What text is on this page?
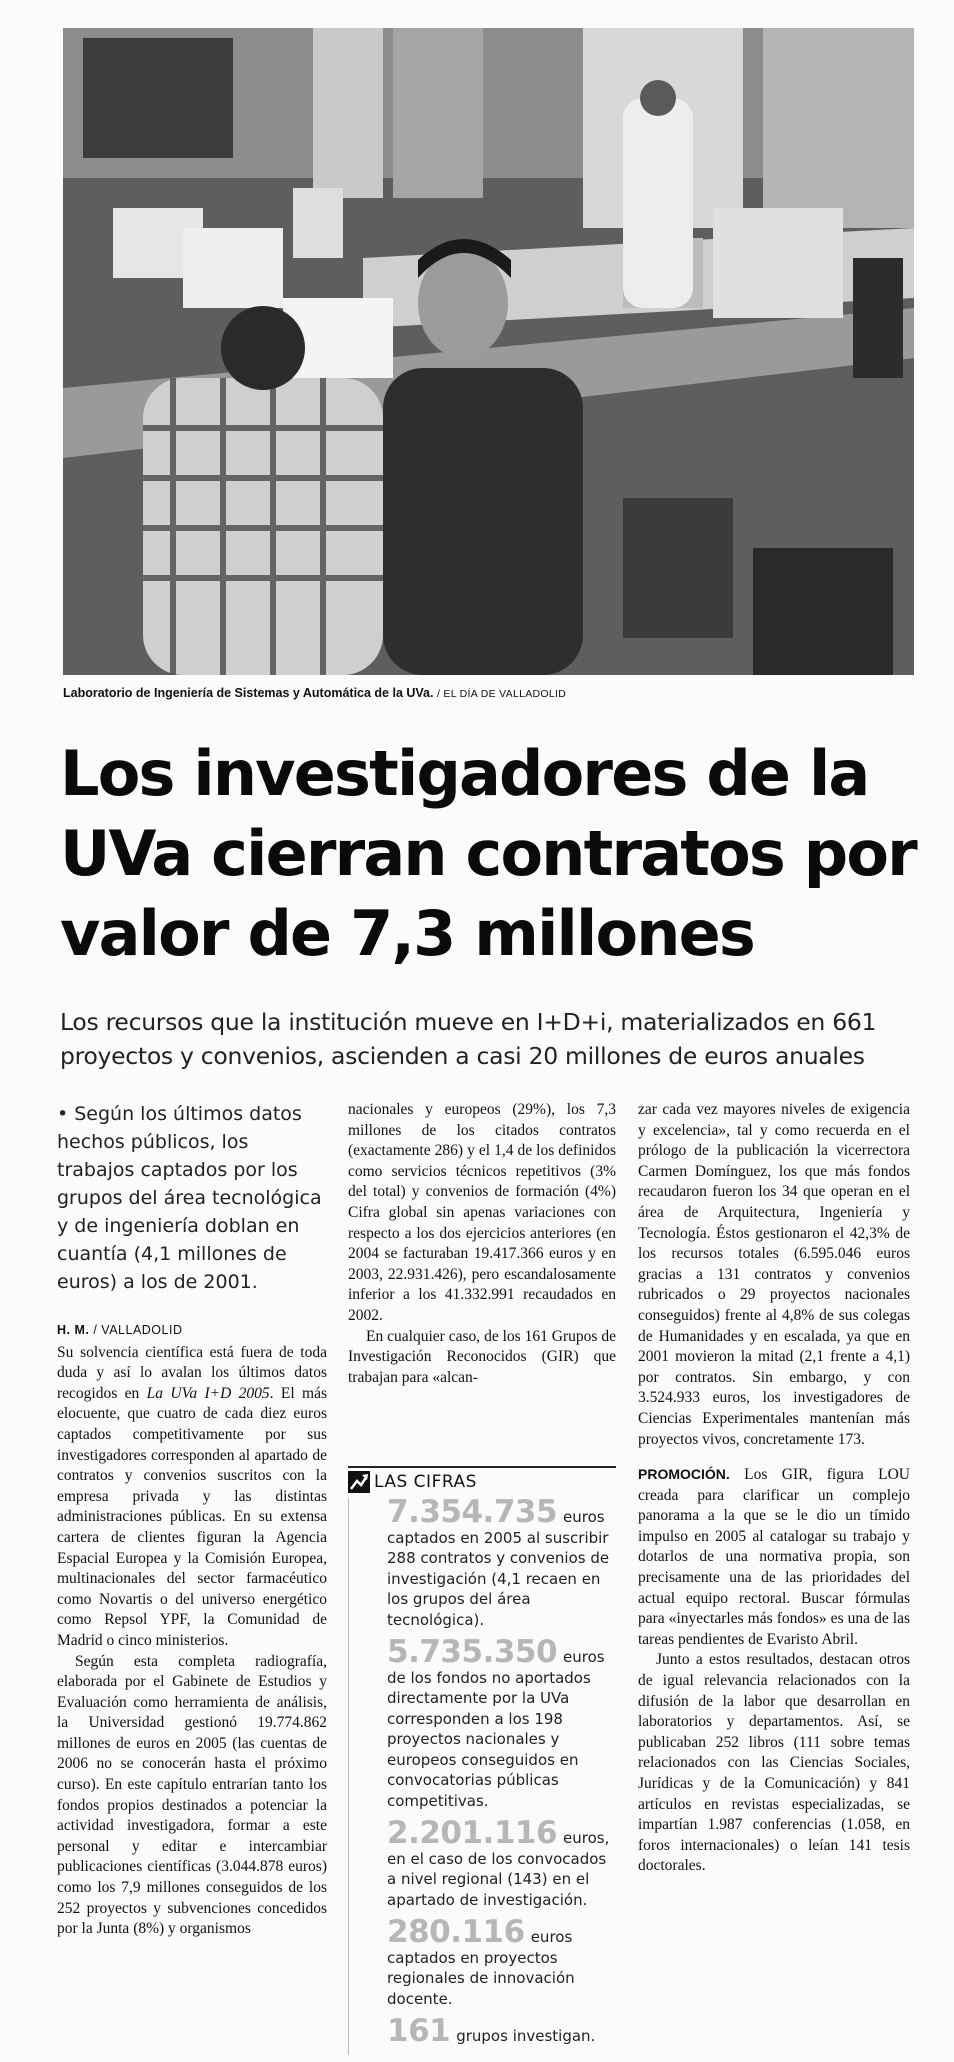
Laboratorio de Ingeniería de Sistemas y Automática de la UVa. / EL DÍA DE VALLADOLID
Los investigadores de la
UVa cierran contratos por
valor de 7,3 millones
Los recursos que la institución mueve en I+D+i, materializados en 661
proyectos y convenios, ascienden a casi 20 millones de euros anuales
• Según los últimos datos hechos públicos, los trabajos captados por los grupos del área tecnológica y de ingeniería doblan en cuantía (4,1 millones de euros) a los de 2001.
H. M. / VALLADOLID

Su solvencia científica está fuera de toda duda y así lo avalan los últimos datos recogidos en La UVa I+D 2005. El más elocuente, que cuatro de cada diez euros captados competitivamente por sus investigadores corresponden al apartado de contratos y convenios suscritos con la empresa privada y las distintas administraciones públicas. En su extensa cartera de clientes figuran la Agencia Espacial Europea y la Comisión Europea, multinacionales del sector farmacéutico como Novartis o del universo energético como Repsol YPF, la Comunidad de Madrid o cinco ministerios.

Según esta completa radiografía, elaborada por el Gabinete de Estudios y Evaluación como herramienta de análisis, la Universidad gestionó 19.774.862 millones de euros en 2005 (las cuentas de 2006 no se conocerán hasta el próximo curso). En este capítulo entrarían tanto los fondos propios destinados a potenciar la actividad investigadora, formar a este personal y editar e intercambiar publicaciones científicas (3.044.878 euros) como los 7,9 millones conseguidos de los 252 proyectos y subvenciones concedidos por la Junta (8%) y organismos

nacionales y europeos (29%), los 7,3 millones de los citados contratos (exactamente 286) y el 1,4 de los definidos como servicios técnicos repetitivos (3% del total) y convenios de formación (4%) Cifra global sin apenas variaciones con respecto a los dos ejercicios anteriores (en 2004 se facturaban 19.417.366 euros y en 2003, 22.931.426), pero escandalosamente inferior a los 41.332.991 recaudados en 2002.

En cualquier caso, de los 161 Grupos de Investigación Reconocidos (GIR) que trabajan para «alcan-

LAS CIFRAS
7.354.735 euros captados en 2005 al suscribir 288 contratos y convenios de investigación (4,1 recaen en los grupos del área tecnológica).
5.735.350 euros de los fondos no aportados directamente por la UVa corresponden a los 198 proyectos nacionales y europeos conseguidos en convocatorias públicas competitivas.
2.201.116 euros, en el caso de los convocados a nivel regional (143) en el apartado de investigación.
280.116 euros captados en proyectos regionales de innovación docente.
161 grupos investigan.

zar cada vez mayores niveles de exigencia y excelencia», tal y como recuerda en el prólogo de la publicación la vicerrectora Carmen Domínguez, los que más fondos recaudaron fueron los 34 que operan en el área de Arquitectura, Ingeniería y Tecnología. Éstos gestionaron el 42,3% de los recursos totales (6.595.046 euros gracias a 131 contratos y convenios rubricados o 29 proyectos nacionales conseguidos) frente al 4,8% de sus colegas de Humanidades y en escalada, ya que en 2001 movieron la mitad (2,1 frente a 4,1) por contratos. Sin embargo, y con 3.524.933 euros, los investigadores de Ciencias Experimentales mantenían más proyectos vivos, concretamente 173.

PROMOCIÓN. Los GIR, figura LOU creada para clarificar un complejo panorama a la que se le dio un tímido impulso en 2005 al catalogar su trabajo y dotarlos de una normativa propia, son precisamente una de las prioridades del actual equipo rectoral. Buscar fórmulas para «inyectarles más fondos» es una de las tareas pendientes de Evaristo Abril.

Junto a estos resultados, destacan otros de igual relevancia relacionados con la difusión de la labor que desarrollan en laboratorios y departamentos. Así, se publicaban 252 libros (111 sobre temas relacionados con las Ciencias Sociales, Jurídicas y de la Comunicación) y 841 artículos en revistas especializadas, se impartían 1.987 conferencias (1.058, en foros internacionales) o leían 141 tesis doctorales.
